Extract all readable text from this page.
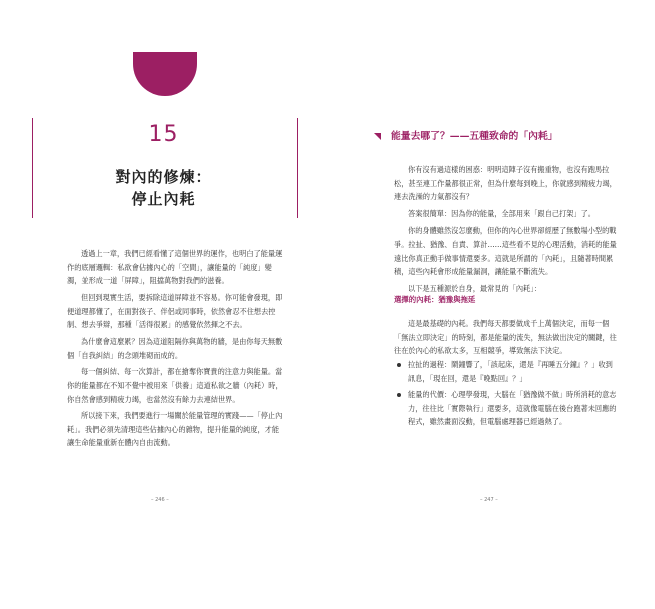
15
對內的修煉：
停止內耗

透過上一章，我們已經看懂了這個世界的運作，也明白了能量運作的底層邏輯：私欲會佔據內心的「空間」，讓能量的「純度」變濁，並形成一道「屏障」，阻擋萬物對我們的滋養。

但回到現實生活，要拆除這道屏障並不容易。你可能會發現，即便道理都懂了，在面對孩子、伴侶或同事時，依然會忍不住想去控制、想去爭辯，那種「活得很累」的感覺依然揮之不去。

為什麼會這麼累？因為這道阻隔你與萬物的牆，是由你每天無數個「自我糾結」的念頭堆砌而成的。

每一個糾結、每一次算計，都在搶奪你寶貴的注意力與能量。當你的能量都在不知不覺中被用來「供養」這道私欲之牆（內耗）時，你自然會感到精疲力竭，也當然沒有餘力去連結世界。

所以接下來，我們要進行一場關於能量管理的實踐——「停止內耗」。我們必須先清理這些佔據內心的雜物，提升能量的純度，才能讓生命能量重新在體內自由流動。

– 246 –
能量去哪了？——五種致命的「內耗」

你有沒有過這樣的困惑：明明這陣子沒有搬重物，也沒有跑馬拉松，甚至連工作量都很正常，但為什麼每到晚上，你就感到精疲力竭，連去洗澡的力氣都沒有？

答案很簡單：因為你的能量，全部用來「跟自己打架」了。

你的身體雖然沒怎麼動，但你的內心世界卻經歷了無數場小型的戰爭。拉扯、猶豫、自責、算計……這些看不見的心理活動，消耗的能量遠比你真正動手做事情還要多。這就是所謂的「內耗」，且隨著時間累積，這些內耗會形成能量漏洞，讓能量不斷流失。

以下是五種源於自身，最常見的「內耗」：

選擇的內耗：猶豫與拖延

這是最基礎的內耗。我們每天都要做成千上萬個決定，而每一個「無法立即決定」的時刻，都是能量的流失，無法做出決定的關鍵，往往在於內心的私欲太多，互相競爭，導致無法下決定。

拉扯的過程：鬧鐘響了，「該起床，還是『再睡五分鐘』？」收到訊息，「現在回，還是『晚點回』？」
能量的代價：心理學發現，大腦在「猶豫做不做」時所消耗的意志力，往往比「實際執行」還要多，這就像電腦在後台跑著未回應的程式，雖然畫面沒動，但電腦處理器已經過熱了。
– 247 –
